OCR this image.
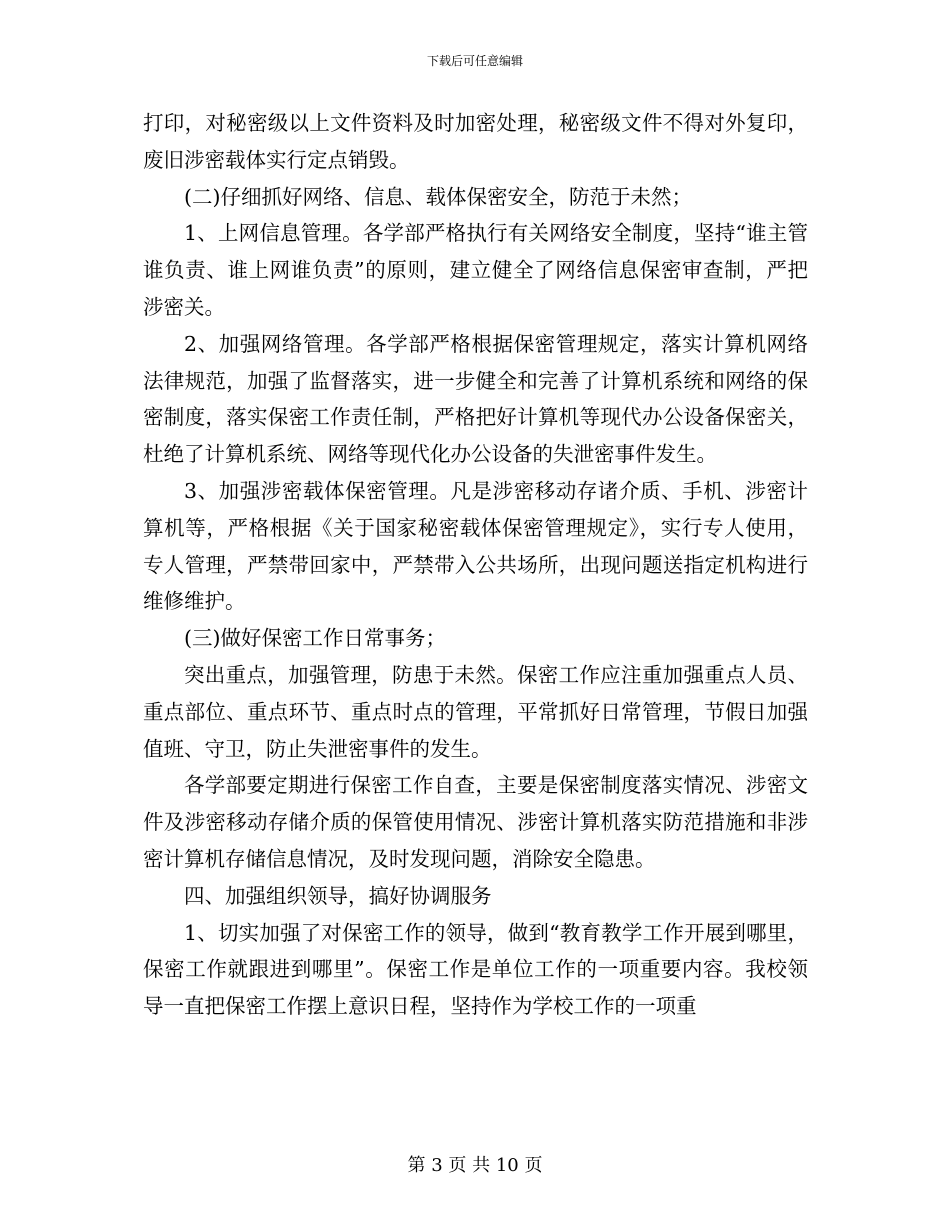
下载后可任意编辑

打印，对秘密级以上文件资料及时加密处理，秘密级文件不得对外复印，废旧涉密载体实行定点销毁。

(二)仔细抓好网络、信息、载体保密安全，防范于未然；

1、上网信息管理。各学部严格执行有关网络安全制度，坚持“谁主管谁负责、谁上网谁负责”的原则，建立健全了网络信息保密审查制，严把涉密关。

2、加强网络管理。各学部严格根据保密管理规定，落实计算机网络法律规范，加强了监督落实，进一步健全和完善了计算机系统和网络的保密制度，落实保密工作责任制，严格把好计算机等现代办公设备保密关，杜绝了计算机系统、网络等现代化办公设备的失泄密事件发生。

3、加强涉密载体保密管理。凡是涉密移动存诸介质、手机、涉密计算机等，严格根据《关于国家秘密载体保密管理规定》，实行专人使用，专人管理，严禁带回家中，严禁带入公共场所，出现问题送指定机构进行维修维护。

(三)做好保密工作日常事务；

突出重点，加强管理，防患于未然。保密工作应注重加强重点人员、重点部位、重点环节、重点时点的管理，平常抓好日常管理，节假日加强值班、守卫，防止失泄密事件的发生。

各学部要定期进行保密工作自查，主要是保密制度落实情况、涉密文件及涉密移动存储介质的保管使用情况、涉密计算机落实防范措施和非涉密计算机存储信息情况，及时发现问题，消除安全隐患。

四、加强组织领导，搞好协调服务

1、切实加强了对保密工作的领导，做到“教育教学工作开展到哪里，保密工作就跟进到哪里”。保密工作是单位工作的一项重要内容。我校领导一直把保密工作摆上意识日程，坚持作为学校工作的一项重

第 3 页 共 10 页
